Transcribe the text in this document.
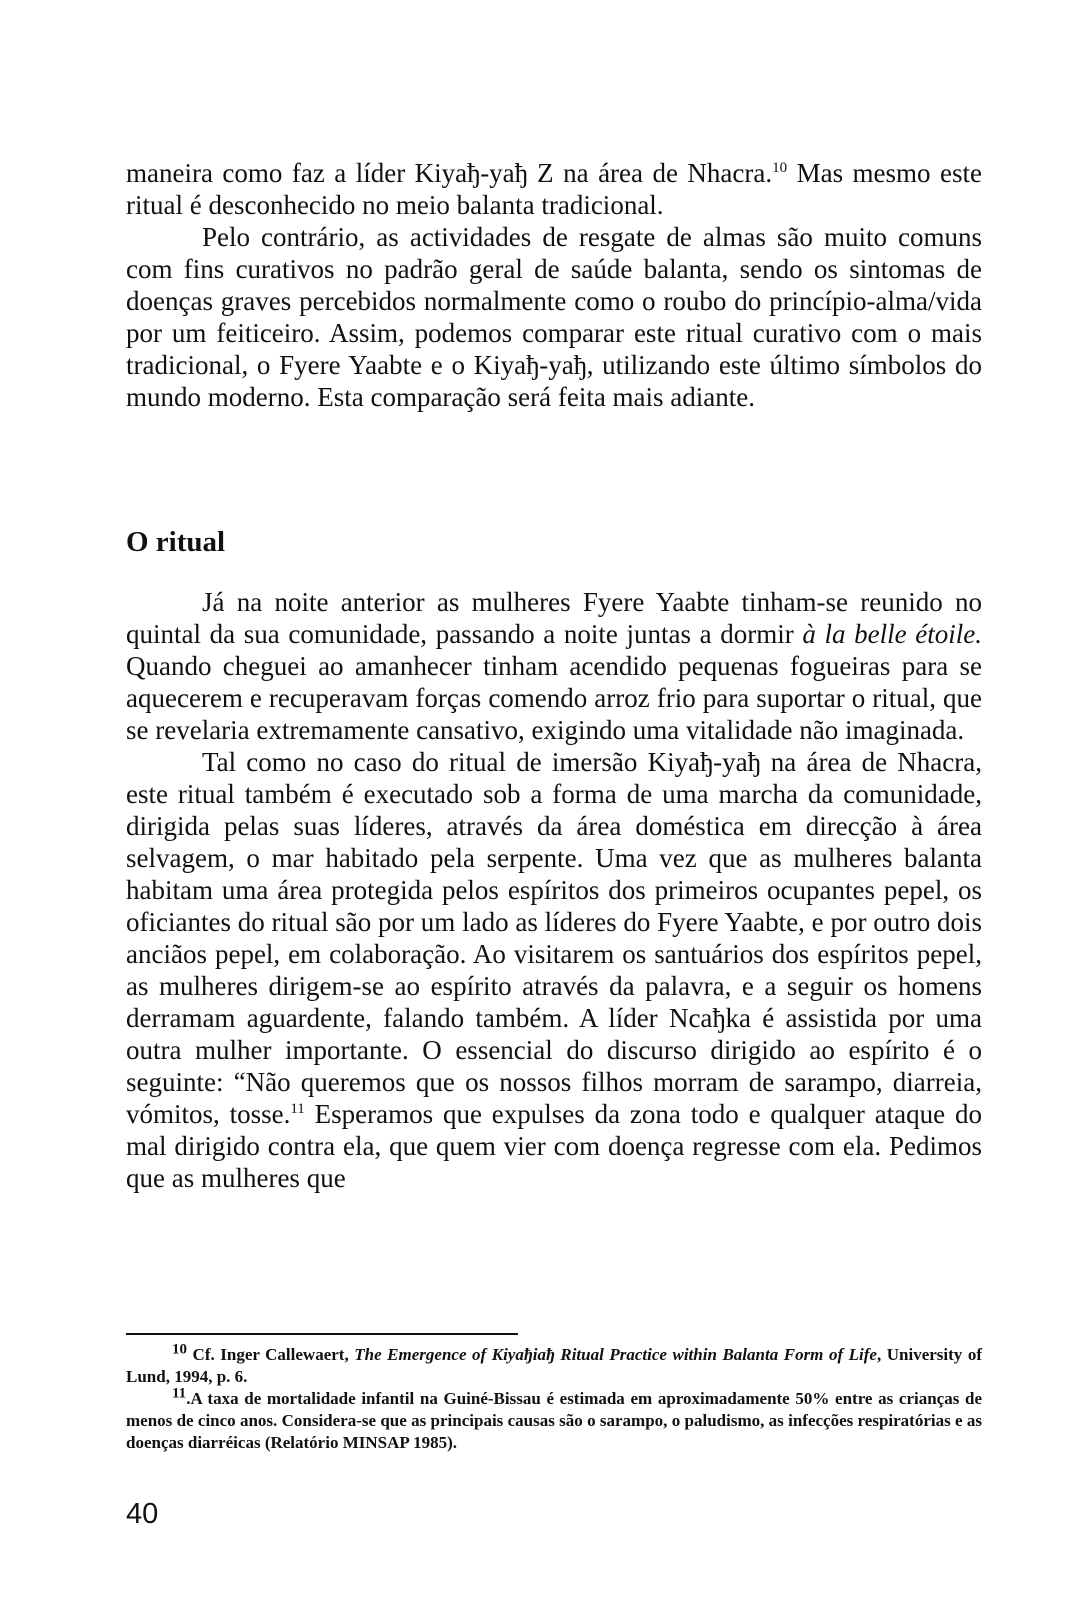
maneira como faz a líder Kiyaђ-yaђ Z na área de Nhacra.$^{10}$ Mas mesmo este ritual é desconhecido no meio balanta tradicional.

Pelo contrário, as actividades de resgate de almas são muito comuns com fins curativos no padrão geral de saúde balanta, sendo os sintomas de doenças graves percebidos normalmente como o roubo do princípio-alma/vida por um feiticeiro. Assim, podemos comparar este ritual curativo com o mais tradicional, o Fyere Yaabte e o Kiyaђ-yaђ, utilizando este último símbolos do mundo moderno. Esta comparação será feita mais adiante.

O ritual

Já na noite anterior as mulheres Fyere Yaabte tinham-se reunido no quintal da sua comunidade, passando a noite juntas a dormir à la belle étoile. Quando cheguei ao amanhecer tinham acendido pequenas fogueiras para se aquecerem e recuperavam forças comendo arroz frio para suportar o ritual, que se revelaria extremamente cansativo, exigindo uma vitalidade não imaginada.

Tal como no caso do ritual de imersão Kiyaђ-yaђ na área de Nhacra, este ritual também é executado sob a forma de uma marcha da comunidade, dirigida pelas suas líderes, através da área doméstica em direcção à área selvagem, o mar habitado pela serpente. Uma vez que as mulheres balanta habitam uma área protegida pelos espíritos dos primeiros ocupantes pepel, os oficiantes do ritual são por um lado as líderes do Fyere Yaabte, e por outro dois anciãos pepel, em colaboração. Ao visitarem os santuários dos espíritos pepel, as mulheres dirigem-se ao espírito através da palavra, e a seguir os homens derramam aguardente, falando também. A líder Ncaђka é assistida por uma outra mulher importante. O essencial do discurso dirigido ao espírito é o seguinte: “Não queremos que os nossos filhos morram de sarampo, diarreia, vómitos, tosse.$^{11}$ Esperamos que expulses da zona todo e qualquer ataque do mal dirigido contra ela, que quem vier com doença regresse com ela. Pedimos que as mulheres que

$^{10}$ Cf. Inger Callewaert, The Emergence of Kiyaђiaђ Ritual Practice within Balanta Form of Life, University of Lund, 1994, p. 6.

$^{11}$.A taxa de mortalidade infantil na Guiné-Bissau é estimada em aproximadamente 50% entre as crianças de menos de cinco anos. Considera-se que as principais causas são o sarampo, o paludismo, as infecções respiratórias e as doenças diarréicas (Relatório MINSAP 1985).

40
